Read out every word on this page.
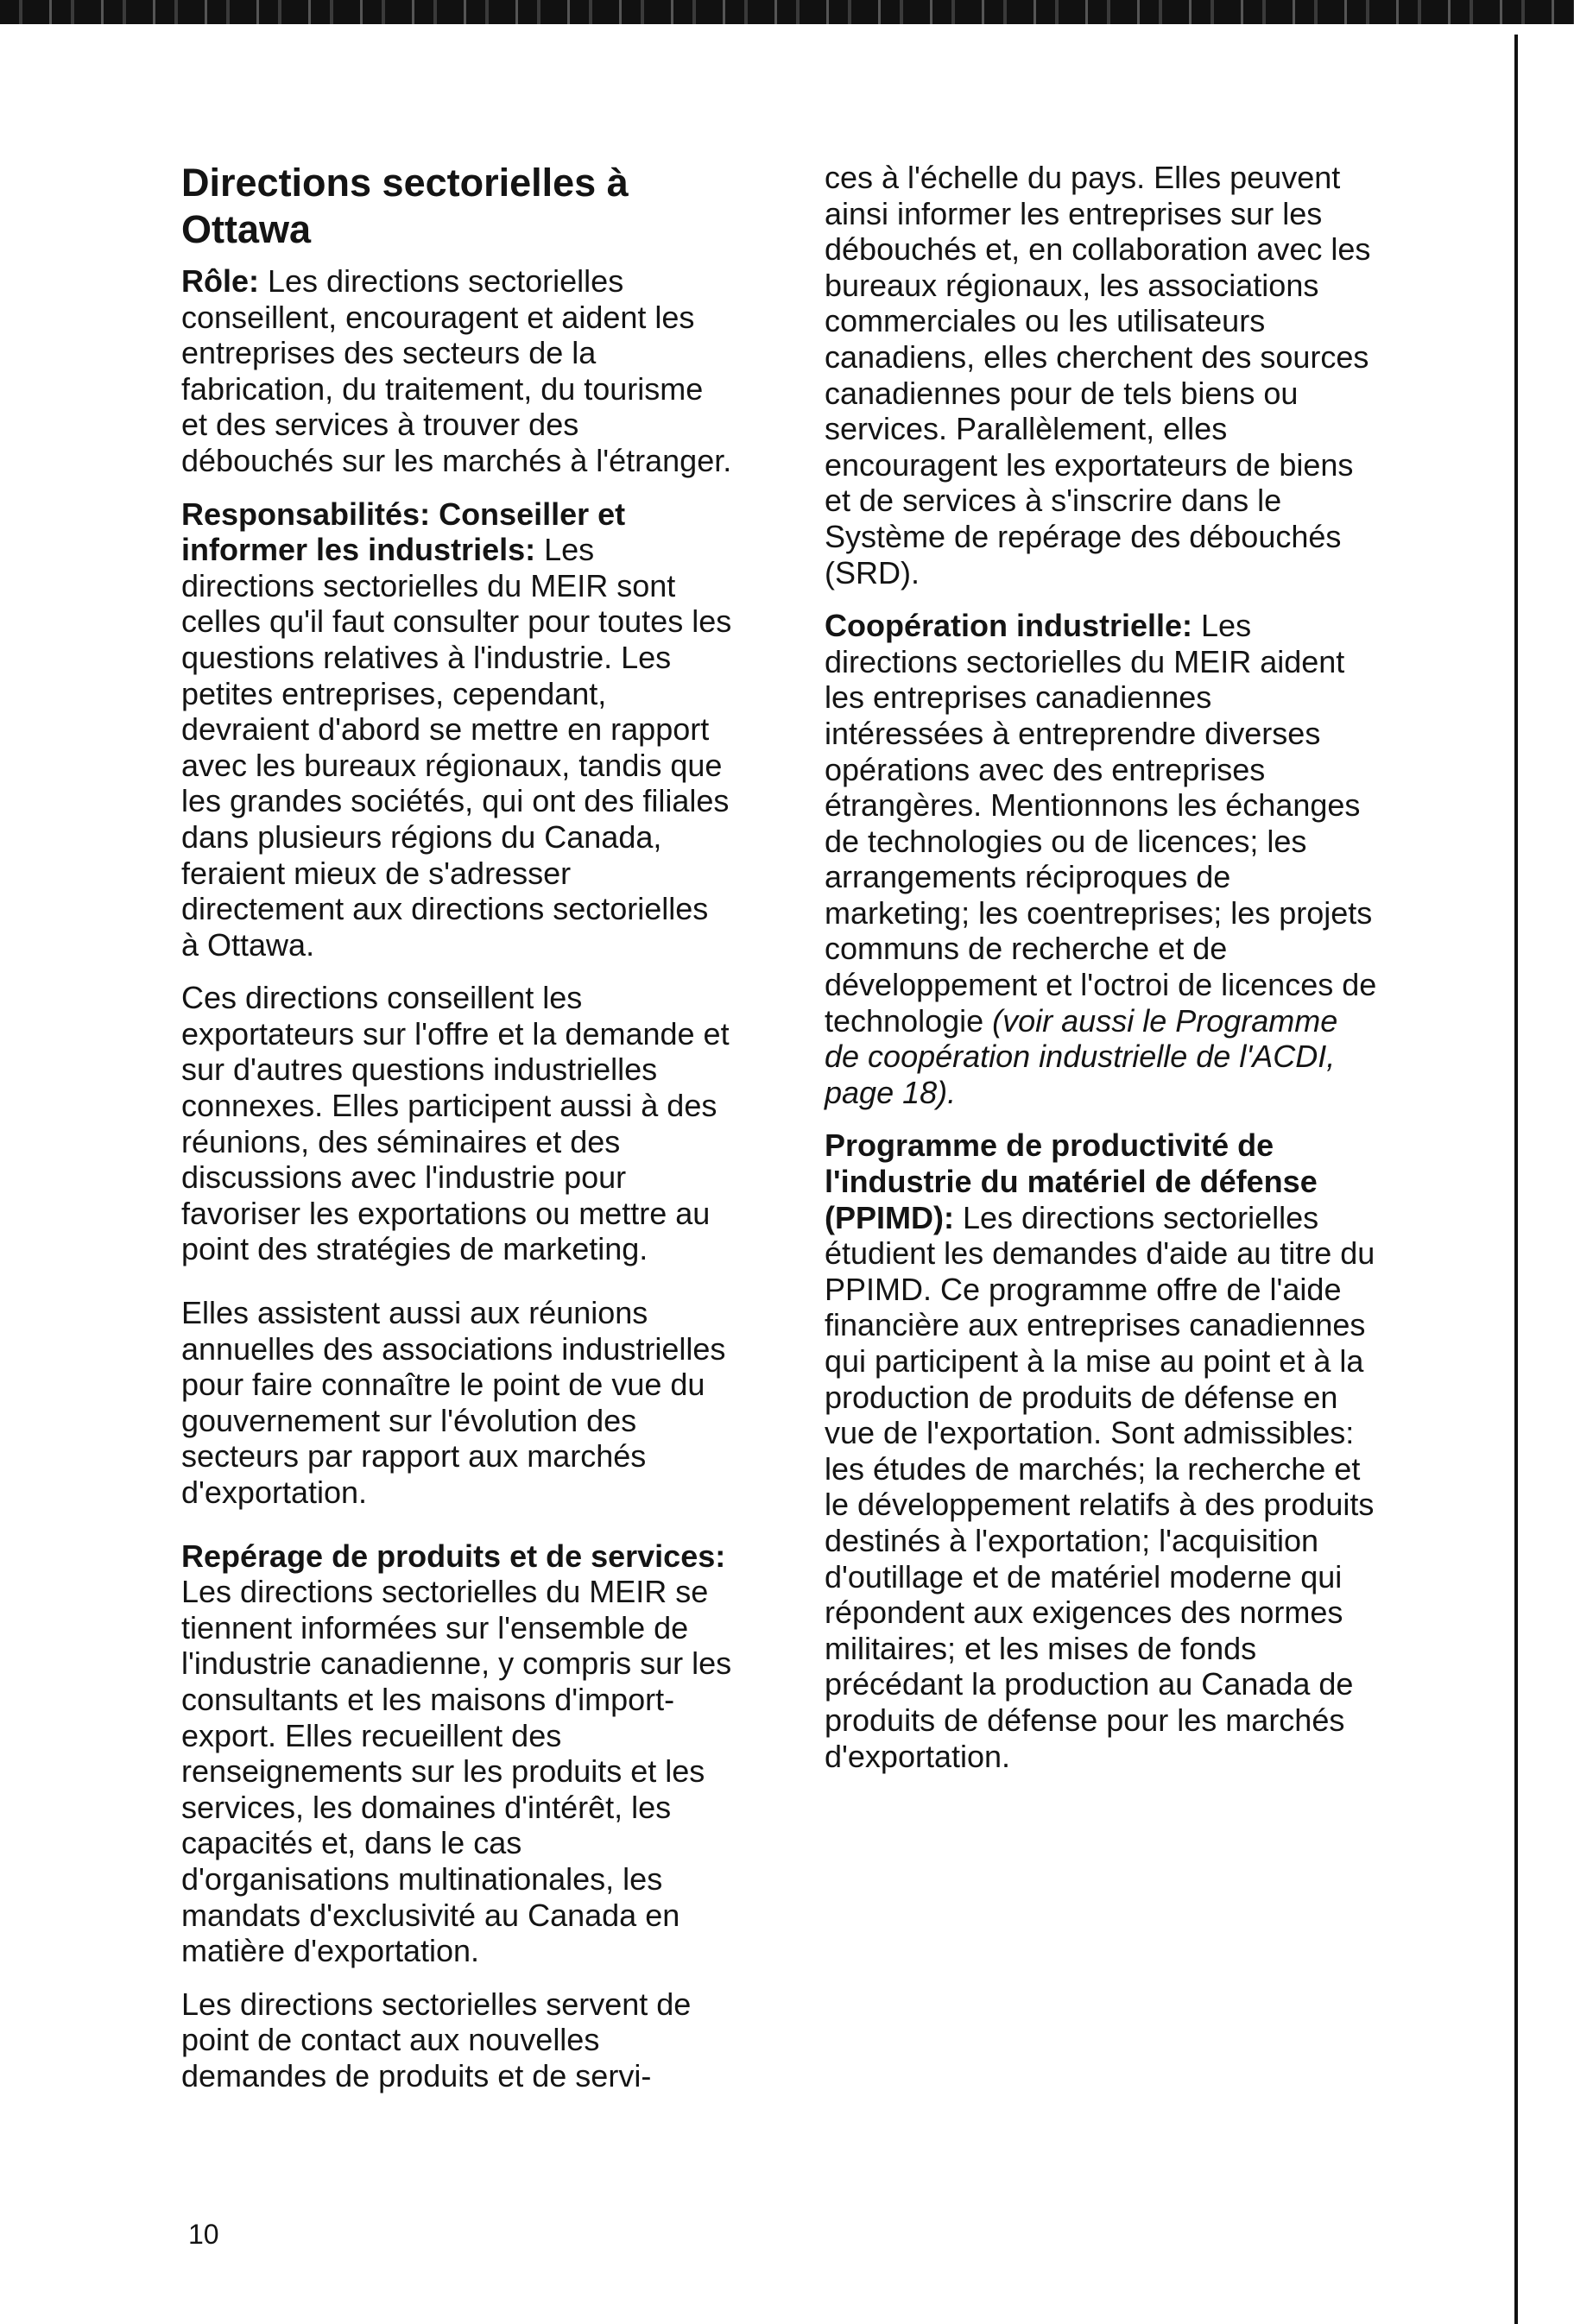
Directions sectorielles à Ottawa

Rôle: Les directions sectorielles conseillent, encouragent et aident les entreprises des secteurs de la fabrication, du traitement, du tourisme et des services à trouver des débouchés sur les marchés à l'étranger.

Responsabilités: Conseiller et informer les industriels: Les directions sectorielles du MEIR sont celles qu'il faut consulter pour toutes les questions relatives à l'industrie. Les petites entreprises, cependant, devraient d'abord se mettre en rapport avec les bureaux régionaux, tandis que les grandes sociétés, qui ont des filiales dans plusieurs régions du Canada, feraient mieux de s'adresser directement aux directions sectorielles à Ottawa.

Ces directions conseillent les exportateurs sur l'offre et la demande et sur d'autres questions industrielles connexes. Elles participent aussi à des réunions, des séminaires et des discussions avec l'industrie pour favoriser les exportations ou mettre au point des stratégies de marketing.

Elles assistent aussi aux réunions annuelles des associations industrielles pour faire connaître le point de vue du gouvernement sur l'évolution des secteurs par rapport aux marchés d'exportation.

Repérage de produits et de services: Les directions sectorielles du MEIR se tiennent informées sur l'ensemble de l'industrie canadienne, y compris sur les consultants et les maisons d'import-export. Elles recueillent des renseignements sur les produits et les services, les domaines d'intérêt, les capacités et, dans le cas d'organisations multinationales, les mandats d'exclusivité au Canada en matière d'exportation.

Les directions sectorielles servent de point de contact aux nouvelles demandes de produits et de servi-

ces à l'échelle du pays. Elles peuvent ainsi informer les entreprises sur les débouchés et, en collaboration avec les bureaux régionaux, les associations commerciales ou les utilisateurs canadiens, elles cherchent des sources canadiennes pour de tels biens ou services. Parallèlement, elles encouragent les exportateurs de biens et de services à s'inscrire dans le Système de repérage des débouchés (SRD).

Coopération industrielle: Les directions sectorielles du MEIR aident les entreprises canadiennes intéressées à entreprendre diverses opérations avec des entreprises étrangères. Mentionnons les échanges de technologies ou de licences; les arrangements réciproques de marketing; les coentreprises; les projets communs de recherche et de développement et l'octroi de licences de technologie (voir aussi le Programme de coopération industrielle de l'ACDI, page 18).

Programme de productivité de l'industrie du matériel de défense (PPIMD): Les directions sectorielles étudient les demandes d'aide au titre du PPIMD. Ce programme offre de l'aide financière aux entreprises canadiennes qui participent à la mise au point et à la production de produits de défense en vue de l'exportation. Sont admissibles: les études de marchés; la recherche et le développement relatifs à des produits destinés à l'exportation; l'acquisition d'outillage et de matériel moderne qui répondent aux exigences des normes militaires; et les mises de fonds précédant la production au Canada de produits de défense pour les marchés d'exportation.

10
